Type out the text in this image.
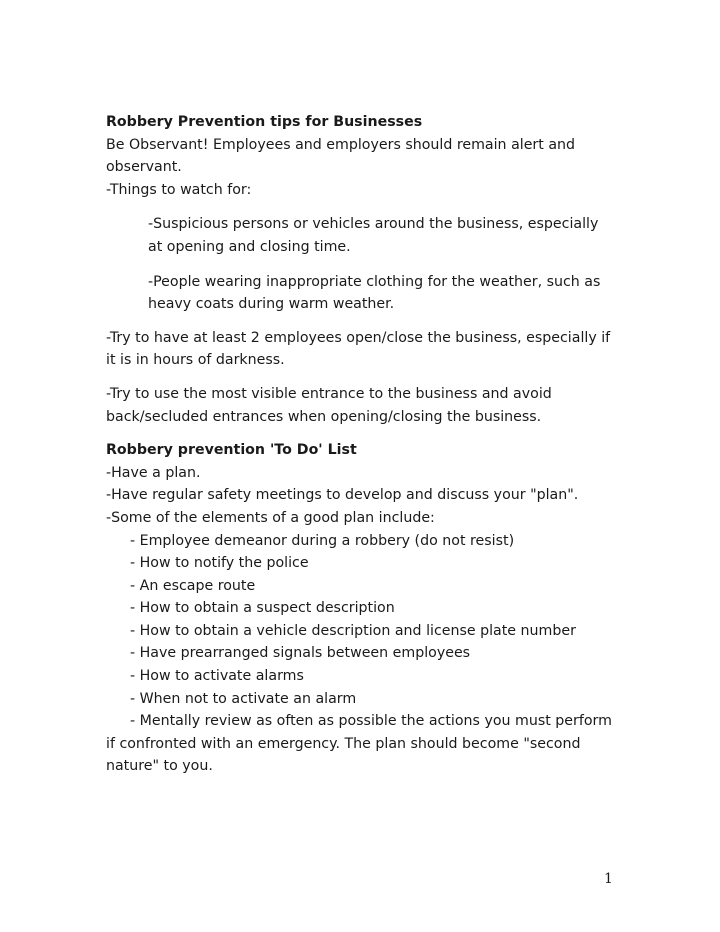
Robbery Prevention tips for Businesses

Be Observant! Employees and employers should remain alert and

observant.

-Things to watch for:

-Suspicious persons or vehicles around the business, especially at opening and closing time.

-People wearing inappropriate clothing for the weather, such as heavy coats during warm weather.

-Try to have at least 2 employees open/close the business, especially if it is in hours of darkness.

-Try to use the most visible entrance to the business and avoid back/secluded entrances when opening/closing the business.

Robbery prevention 'To Do' List

-Have a plan.

-Have regular safety meetings to develop and discuss your "plan".

-Some of the elements of a good plan include:

- Employee demeanor during a robbery (do not resist)

- How to notify the police

- An escape route

- How to obtain a suspect description

- How to obtain a vehicle description and license plate number

- Have prearranged signals between employees

- How to activate alarms

- When not to activate an alarm

- Mentally review as often as possible the actions you must perform if confronted with an emergency. The plan should become "second nature" to you.

1
